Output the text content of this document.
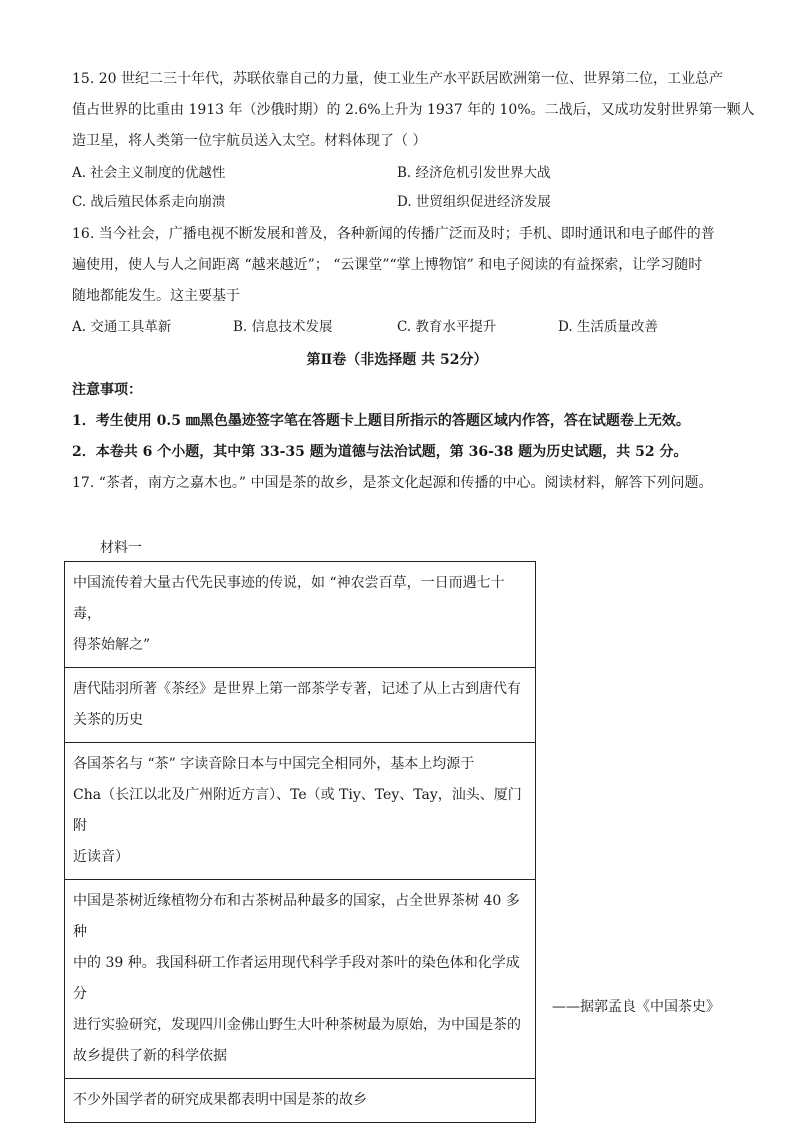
15. 20 世纪二三十年代，苏联依靠自己的力量，使工业生产水平跃居欧洲第一位、世界第二位，工业总产
值占世界的比重由 1913 年（沙俄时期）的 2.6%上升为 1937 年的 10%。二战后，又成功发射世界第一颗人
造卫星，将人类第一位宇航员送入太空。材料体现了（ ）
A. 社会主义制度的优越性	B. 经济危机引发世界大战
C. 战后殖民体系走向崩溃	D. 世贸组织促进经济发展
16. 当今社会，广播电视不断发展和普及，各种新闻的传播广泛而及时；手机、即时通讯和电子邮件的普
遍使用，使人与人之间距离 “越来越近”； “云课堂”“掌上博物馆” 和电子阅读的有益探索，让学习随时
随地都能发生。这主要基于
A. 交通工具革新	B. 信息技术发展	C. 教育水平提升	D. 生活质量改善
第Ⅱ卷（非选择题 共 52分）
注意事项：
1．考生使用 0.5 ㎜黑色墨迹签字笔在答题卡上题目所指示的答题区域内作答，答在试题卷上无效。
2．本卷共 6 个小题，其中第 33-35 题为道德与法治试题，第 36-38 题为历史试题，共 52 分。
17. “茶者，南方之嘉木也。” 中国是茶的故乡，是茶文化起源和传播的中心。阅读材料，解答下列问题。
材料一
中国流传着大量古代先民事迹的传说，如 “神农尝百草，一日而遇七十毒，
得茶始解之”

唐代陆羽所著《茶经》是世界上第一部茶学专著，记述了从上古到唐代有
关茶的历史

各国茶名与 “茶” 字读音除日本与中国完全相同外，基本上均源于
Cha（长江以北及广州附近方言）、Te（或 Tiy、Tey、Tay，汕头、厦门附
近读音）

中国是茶树近缘植物分布和古茶树品种最多的国家，占全世界茶树 40 多种
中的 39 种。我国科研工作者运用现代科学手段对茶叶的染色体和化学成分
进行实验研究，发现四川金佛山野生大叶种茶树最为原始，为中国是茶的
故乡提供了新的科学依据

不少外国学者的研究成果都表明中国是茶的故乡
——据郭孟良《中国茶史》
